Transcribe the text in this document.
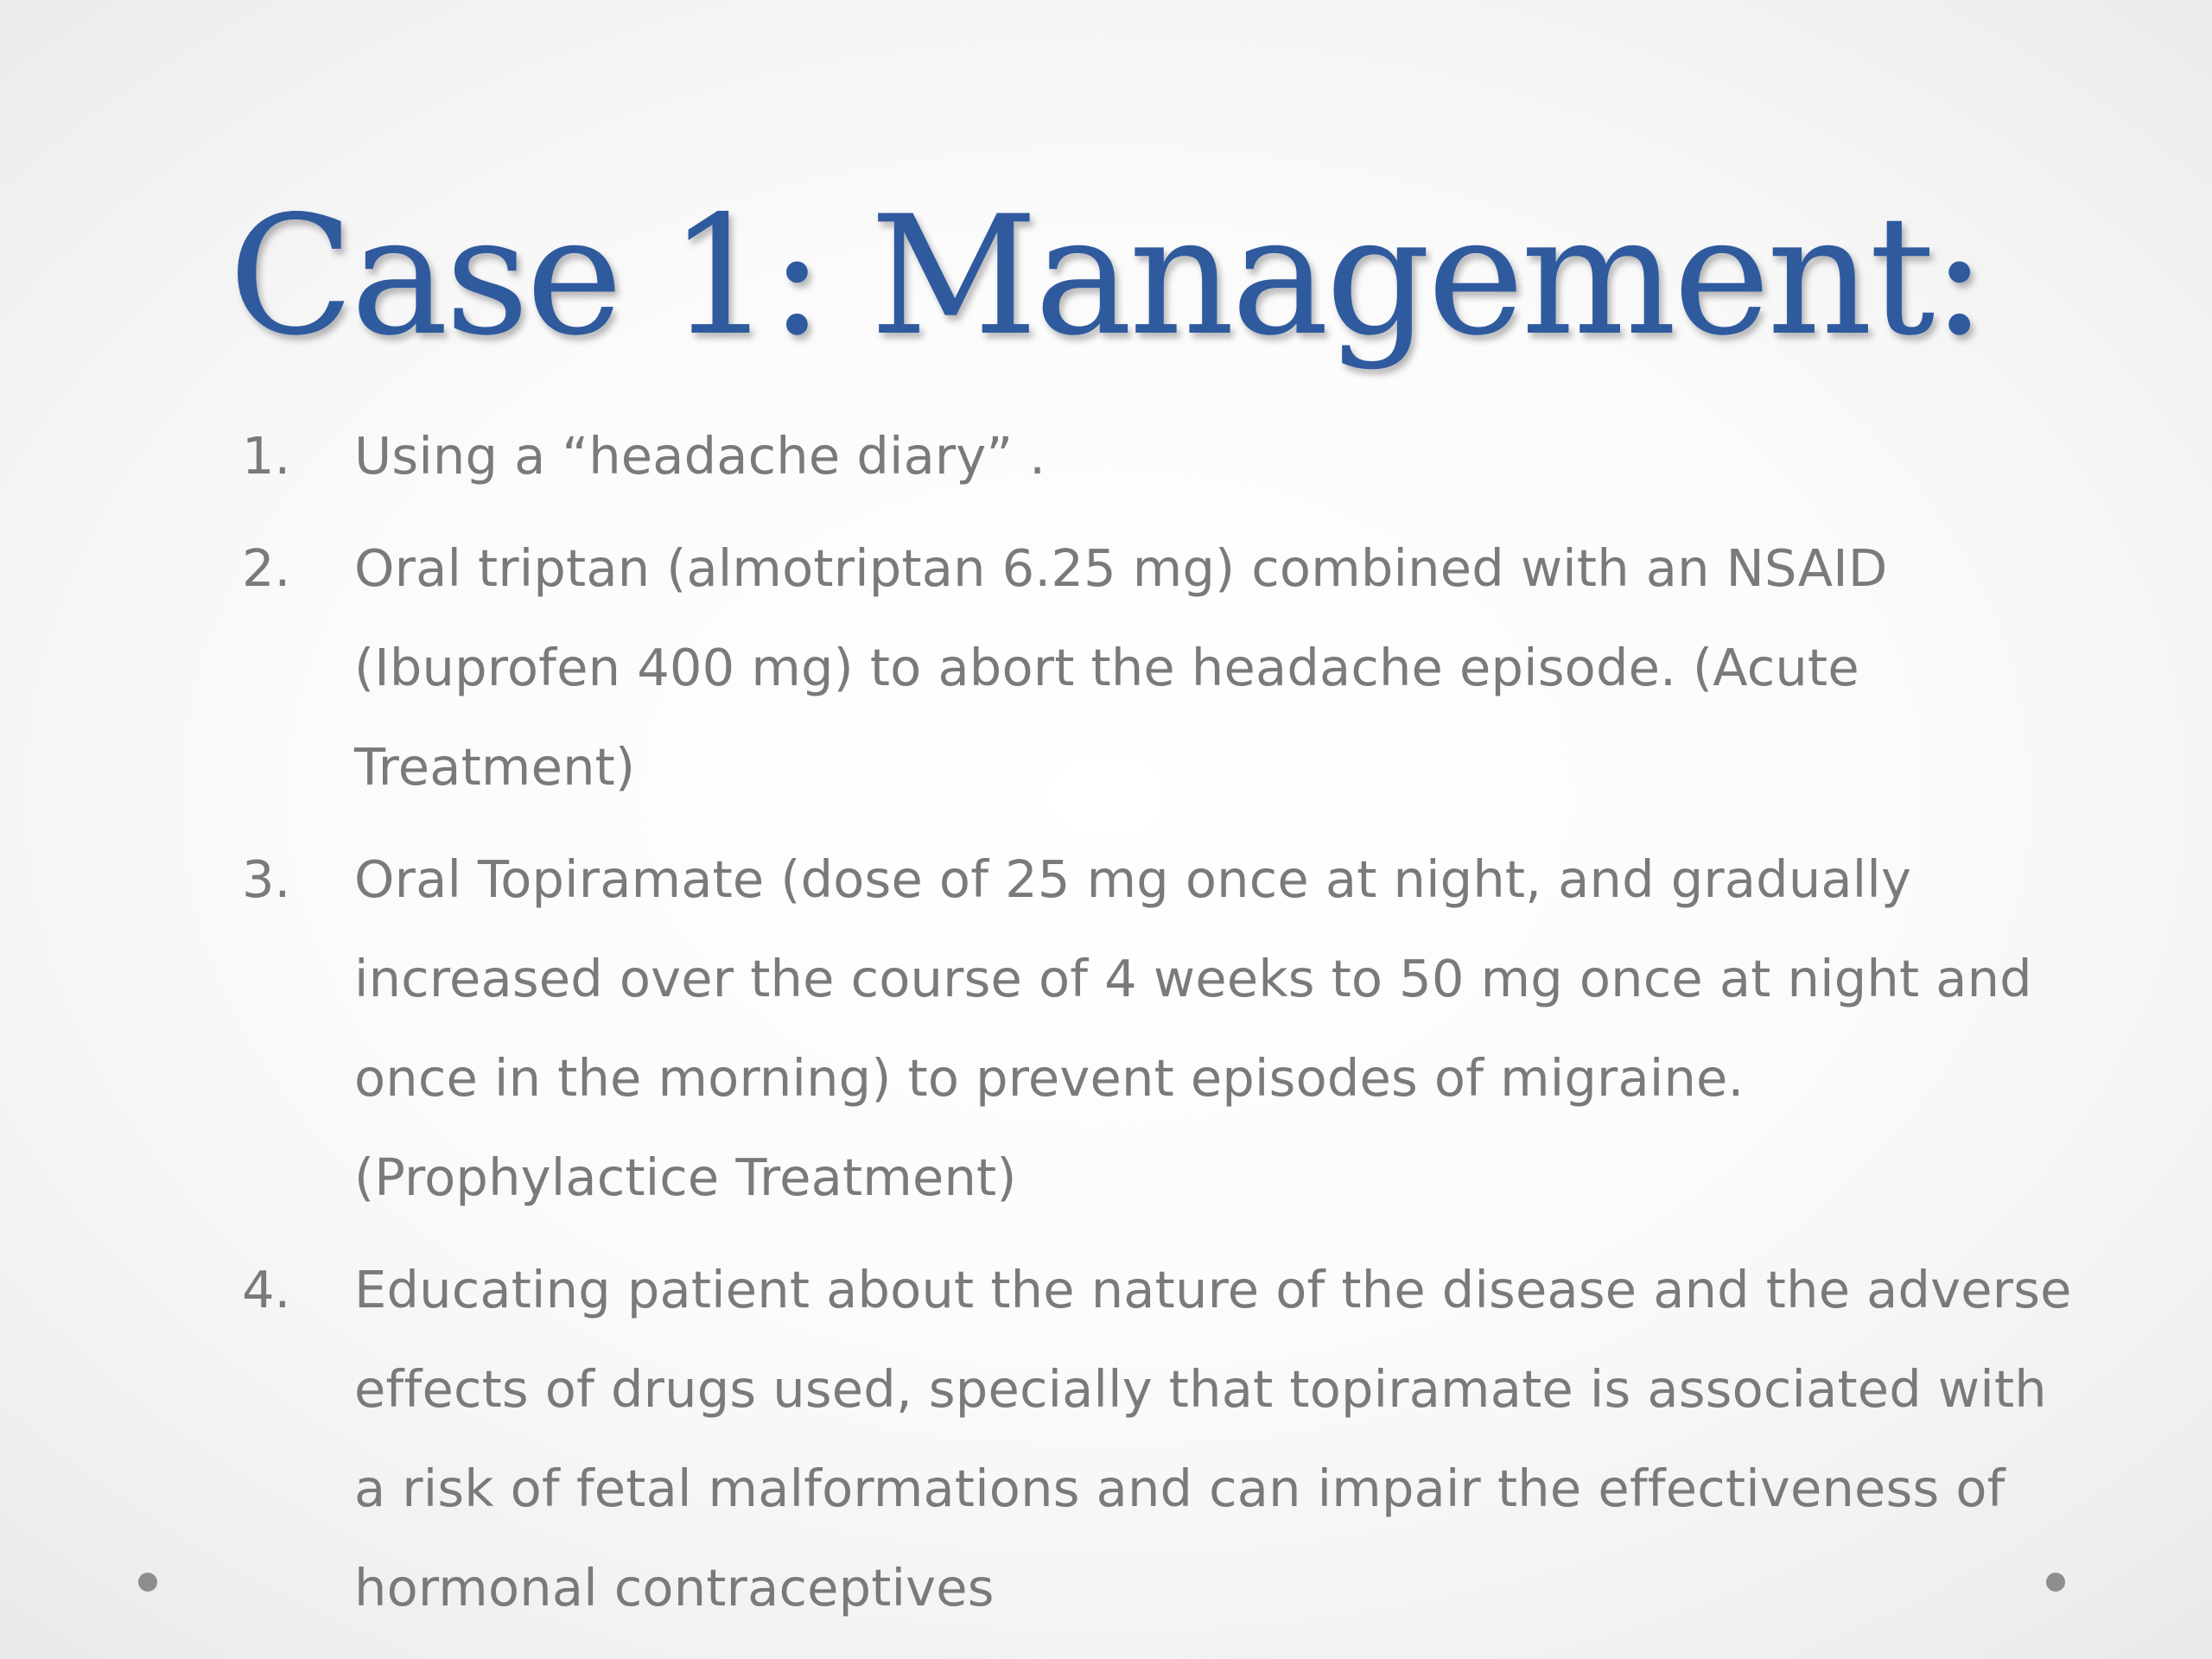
Case 1: Management:
1.	Using a “headache diary” .
2.	Oral triptan (almotriptan 6.25 mg) combined with an NSAID (Ibuprofen 400 mg) to abort the headache episode. (Acute Treatment)
3.	Oral Topiramate (dose of 25 mg once at night, and gradually increased over the course of 4 weeks to 50 mg once at night and once in the morning) to prevent episodes of migraine. (Prophylactice Treatment)
4.	Educating patient about the nature of the disease and the adverse effects of drugs used, specially that topiramate is associated with a risk of fetal malformations and can impair the effectiveness of hormonal contraceptives
